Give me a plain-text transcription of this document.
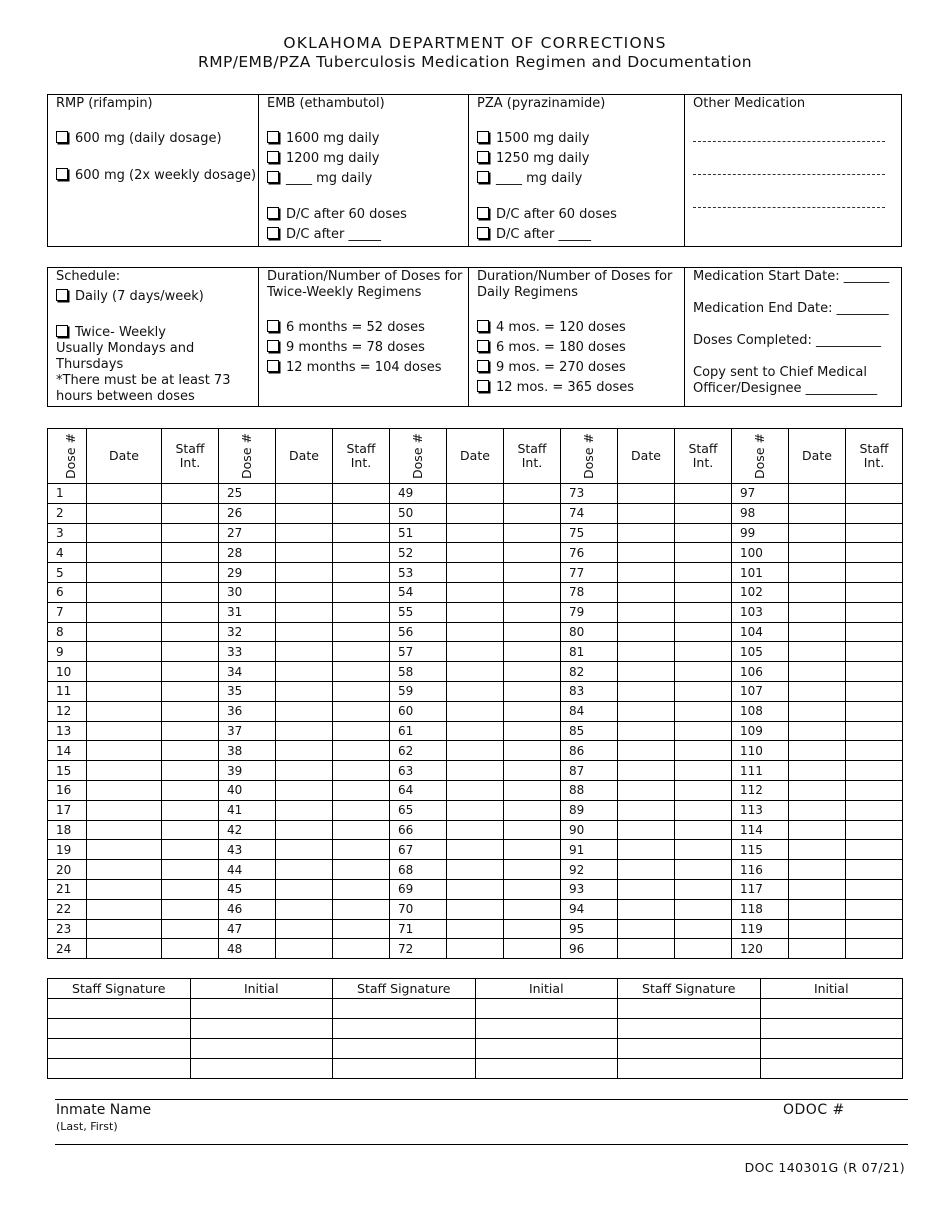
OKLAHOMA DEPARTMENT OF CORRECTIONS
RMP/EMB/PZA Tuberculosis Medication Regimen and Documentation
RMP (rifampin)
600 mg (daily dosage)
600 mg (2x weekly dosage)
EMB (ethambutol)
1600 mg daily
1200 mg daily
____ mg daily
D/C after 60 doses
D/C after _____
PZA (pyrazinamide)
1500 mg daily
1250 mg daily
____ mg daily
D/C after 60 doses
D/C after _____
Other Medication
Schedule:
Daily (7 days/week)
Twice- Weekly
Usually Mondays and
Thursdays
*There must be at least 73
hours between doses
Duration/Number of Doses for
Twice-Weekly Regimens
6 months = 52 doses
9 months = 78 doses
12 months = 104 doses
Duration/Number of Doses for
Daily Regimens
4 mos. = 120 doses
6 mos. = 180 doses
9 mos. = 270 doses
12 mos. = 365 doses
Medication Start Date: _______
Medication End Date: ________
Doses Completed: __________
Copy sent to Chief Medical
Officer/Designee ___________
Dose #	Date	Staff Int.	Dose #	Date	Staff Int.	Dose #	Date	Staff Int.	Dose #	Date	Staff Int.	Dose #	Date	Staff Int.
1			25			49			73			97		
2			26			50			74			98		
3			27			51			75			99		
4			28			52			76			100		
5			29			53			77			101		
6			30			54			78			102		
7			31			55			79			103		
8			32			56			80			104		
9			33			57			81			105		
10			34			58			82			106		
11			35			59			83			107		
12			36			60			84			108		
13			37			61			85			109		
14			38			62			86			110		
15			39			63			87			111		
16			40			64			88			112		
17			41			65			89			113		
18			42			66			90			114		
19			43			67			91			115		
20			44			68			92			116		
21			45			69			93			117		
22			46			70			94			118		
23			47			71			95			119		
24			48			72			96			120		
Staff Signature	Initial	Staff Signature	Initial	Staff Signature	Initial

Inmate Name
(Last, First)
ODOC #
DOC 140301G (R 07/21)
